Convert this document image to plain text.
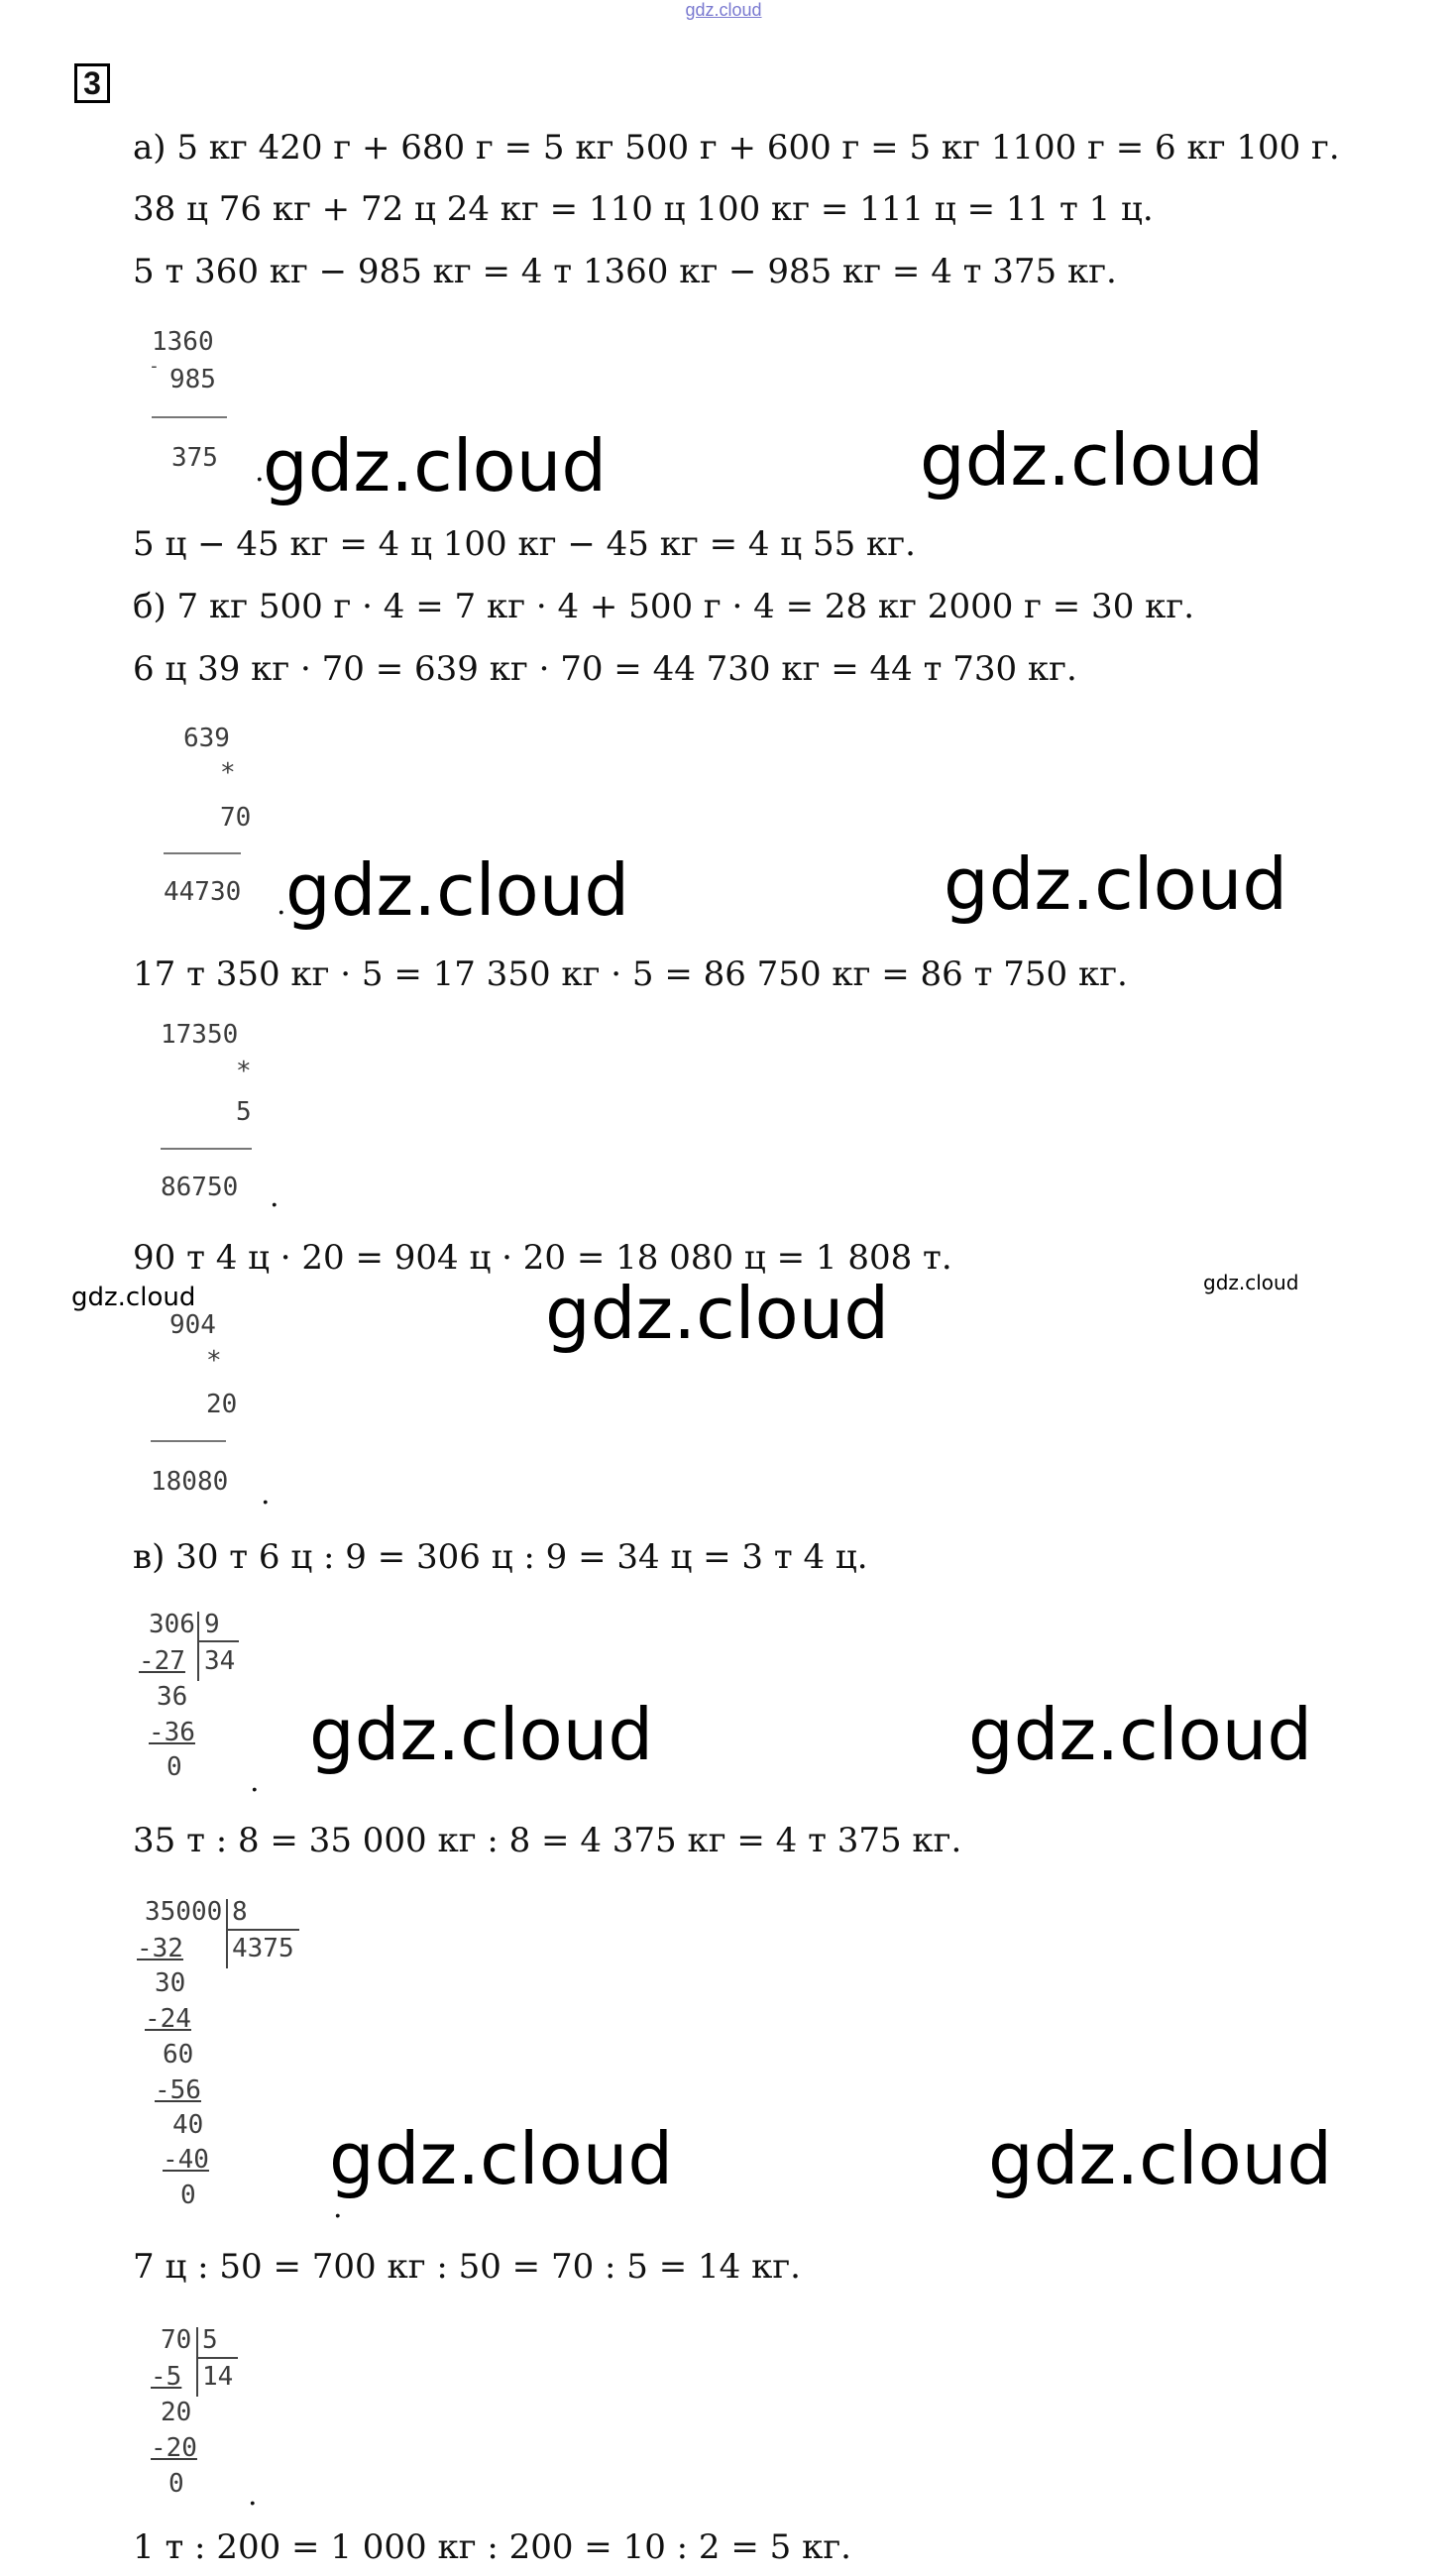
gdz.cloud
3
а) 5 кг 420 г + 680 г = 5 кг 500 г + 600 г = 5 кг 1100 г = 6 кг 100 г.
38 ц 76 кг + 72 ц 24 кг = 110 ц 100 кг = 111 ц = 11 т 1 ц.
5 т 360 кг − 985 кг = 4 т 1360 кг − 985 кг = 4 т 375 кг.
1360
- 985
375 .
gdz.cloud	gdz.cloud
5 ц − 45 кг = 4 ц 100 кг − 45 кг = 4 ц 55 кг.
б) 7 кг 500 г · 4 = 7 кг · 4 + 500 г · 4 = 28 кг 2000 г = 30 кг.
6 ц 39 кг · 70 = 639 кг · 70 = 44 730 кг = 44 т 730 кг.
639
*
70
44730 . gdz.cloud	gdz.cloud
17 т 350 кг · 5 = 17 350 кг · 5 = 86 750 кг = 86 т 750 кг.
17350
*
5
86750 .
90 т 4 ц · 20 = 904 ц · 20 = 18 080 ц = 1 808 т.
gdz.cloud	gdz.cloud
gdz.cloud
904
*
20
18080 .
в) 30 т 6 ц : 9 = 306 ц : 9 = 34 ц = 3 т 4 ц.
306 9
34
-27
36
-36
0 .
gdz.cloud	gdz.cloud
35 т : 8 = 35 000 кг : 8 = 4 375 кг = 4 т 375 кг.
35000 8
4375
-32
30
-24
60
-56
40
-40
0	.
gdz.cloud	gdz.cloud
7 ц : 50 = 700 кг : 50 = 70 : 5 = 14 кг.
70 5
14
-5
20
-20
0 .
1 т : 200 = 1 000 кг : 200 = 10 : 2 = 5 кг.
